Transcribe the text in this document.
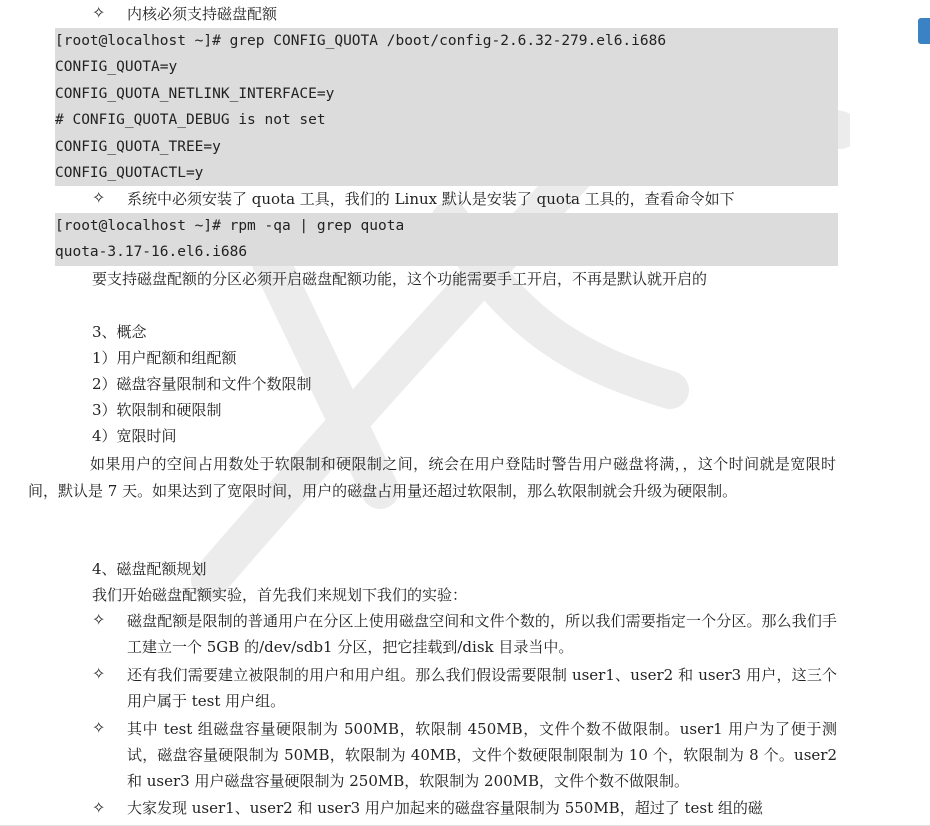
✧ 内核必须支持磁盘配额
[root@localhost ~]# grep CONFIG_QUOTA /boot/config-2.6.32-279.el6.i686
CONFIG_QUOTA=y
CONFIG_QUOTA_NETLINK_INTERFACE=y
# CONFIG_QUOTA_DEBUG is not set
CONFIG_QUOTA_TREE=y
CONFIG_QUOTACTL=y
✧ 系统中必须安装了 quota 工具，我们的 Linux 默认是安装了 quota 工具的，查看命令如下
[root@localhost ~]# rpm -qa | grep quota
quota-3.17-16.el6.i686
要支持磁盘配额的分区必须开启磁盘配额功能，这个功能需要手工开启，不再是默认就开启的
3、概念
1）用户配额和组配额
2）磁盘容量限制和文件个数限制
3）软限制和硬限制
4）宽限时间
如果用户的空间占用数处于软限制和硬限制之间，统会在用户登陆时警告用户磁盘将满，，这个时间就是宽限时间，默认是 7 天。如果达到了宽限时间，用户的磁盘占用量还超过软限制，那么软限制就会升级为硬限制。
4、磁盘配额规划
我们开始磁盘配额实验，首先我们来规划下我们的实验：
✧ 磁盘配额是限制的普通用户在分区上使用磁盘空间和文件个数的，所以我们需要指定一个分区。那么我们手工建立一个 5GB 的/dev/sdb1 分区，把它挂载到/disk 目录当中。
✧ 还有我们需要建立被限制的用户和用户组。那么我们假设需要限制 user1、user2 和 user3 用户，这三个用户属于 test 用户组。
✧ 其中 test 组磁盘容量硬限制为 500MB，软限制 450MB，文件个数不做限制。user1 用户为了便于测试，磁盘容量硬限制为 50MB，软限制为 40MB，文件个数硬限制限制为 10 个，软限制为 8 个。user2 和 user3 用户磁盘容量硬限制为 250MB，软限制为 200MB，文件个数不做限制。
✧ 大家发现 user1、user2 和 user3 用户加起来的磁盘容量限制为 550MB，超过了 test 组的磁
